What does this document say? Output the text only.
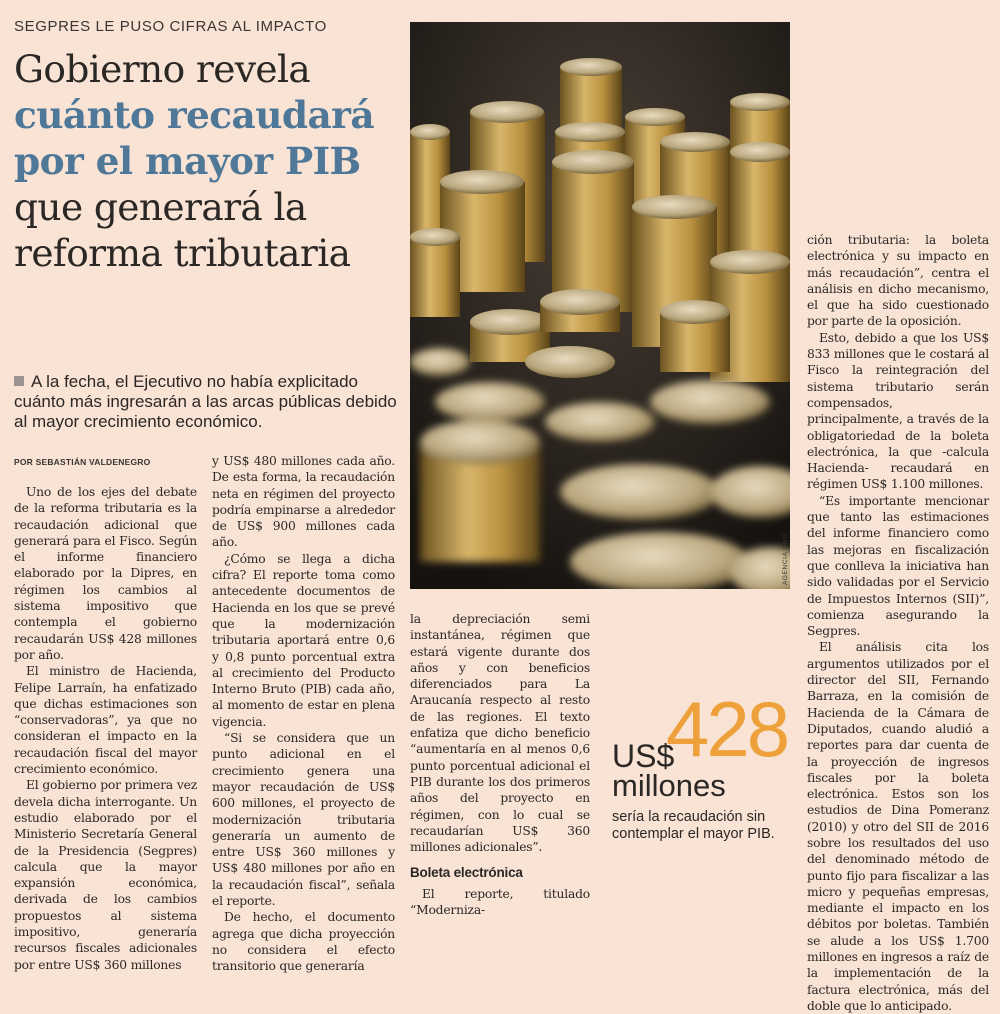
SEGPRES LE PUSO CIFRAS AL IMPACTO
Gobierno revela
cuánto recaudará
por el mayor PIB
que generará la
reforma tributaria
A la fecha, el Ejecutivo no había explicitado cuánto más ingresarán a las arcas públicas debido al mayor crecimiento económico.
POR SEBASTIÁN VALDENEGRO

Uno de los ejes del debate de la reforma tributaria es la recaudación adicional que generará para el Fisco. Según el informe financiero elaborado por la Dipres, en régimen los cambios al sistema impositivo que contempla el gobierno recaudarán US$ 428 millones por año.

El ministro de Hacienda, Felipe Larraín, ha enfatizado que dichas estimaciones son “conservadoras”, ya que no consideran el impacto en la recaudación fiscal del mayor crecimiento económico.

El gobierno por primera vez devela dicha interrogante. Un estudio elaborado por el Ministerio Secretaría General de la Presidencia (Segpres) calcula que la mayor expansión económica, derivada de los cambios propuestos al sistema impositivo, generaría recursos fiscales adicionales por entre US$ 360 millones

y US$ 480 millones cada año. De esta forma, la recaudación neta en régimen del proyecto podría empinarse a alrededor de US$ 900 millones cada año.

¿Cómo se llega a dicha cifra? El reporte toma como antecedente documentos de Hacienda en los que se prevé que la modernización tributaria aportará entre 0,6 y 0,8 punto porcentual extra al crecimiento del Producto Interno Bruto (PIB) cada año, al momento de estar en plena vigencia.

“Si se considera que un punto adicional en el crecimiento genera una mayor recaudación de US$ 600 millones, el proyecto de modernización tributaria generaría un aumento de entre US$ 360 millones y US$ 480 millones por año en la recaudación fiscal”, señala el reporte.

De hecho, el documento agrega que dicha proyección no considera el efecto transitorio que generaría

AGENCIA UNO

la depreciación semi instantánea, régimen que estará vigente durante dos años y con beneficios diferenciados para La Araucanía respecto al resto de las regiones. El texto enfatiza que dicho beneficio “aumentaría en al menos 0,6 punto porcentual adicional el PIB durante los dos primeros años del proyecto en régimen, con lo cual se recaudarían US$ 360 millones adicionales”.

Boleta electrónica

El reporte, titulado “Moderniza-

US$
428
millones
sería la recaudación sin contemplar el mayor PIB.

ción tributaria: la boleta electrónica y su impacto en más recaudación”, centra el análisis en dicho mecanismo, el que ha sido cuestionado por parte de la oposición.

Esto, debido a que los US$ 833 millones que le costará al Fisco la reintegración del sistema tributario serán compensados, principalmente, a través de la obligatoriedad de la boleta electrónica, la que -calcula Hacienda- recaudará en régimen US$ 1.100 millones.

“Es importante mencionar que tanto las estimaciones del informe financiero como las mejoras en fiscalización que conlleva la iniciativa han sido validadas por el Servicio de Impuestos Internos (SII)”, comienza asegurando la Segpres.

El análisis cita los argumentos utilizados por el director del SII, Fernando Barraza, en la comisión de Hacienda de la Cámara de Diputados, cuando aludió a reportes para dar cuenta de la proyección de ingresos fiscales por la boleta electrónica. Estos son los estudios de Dina Pomeranz (2010) y otro del SII de 2016 sobre los resultados del uso del denominado método de punto fijo para fiscalizar a las micro y pequeñas empresas, mediante el impacto en los débitos por boletas. También se alude a los US$ 1.700 millones en ingresos a raíz de la implementación de la factura electrónica, más del doble que lo anticipado.
